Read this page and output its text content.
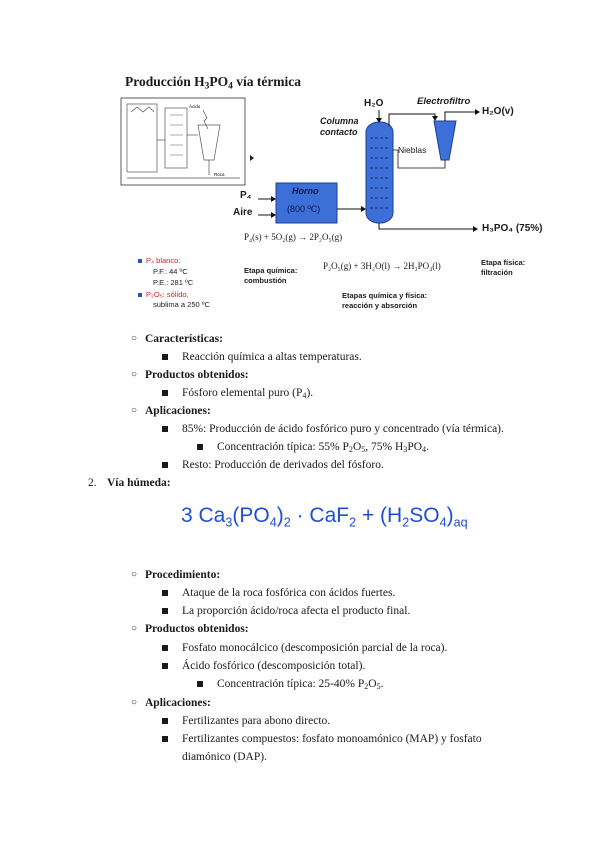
Producción $H_3PO_4$ vía térmica
Ácido
Roca
H₂O	Electrofiltro
H₂O(v)
Columna
contacto
Nieblas
P₄
Aire
Horno
(800 ºC)
H₃PO₄ (75%)
P₄(s) + 5O₂(g) → 2P₂O₅(g)
P₂O₅(g) + 3H₂O(l) → 2H₃PO₄(l)
P₄ blanco:
P.F.: 44 ºC
P.E.: 281 ºC
P₂O₅: sólido,
sublima a 250 ºC
Etapa química:
combustión
Etapas química y física:
reacción y absorción
Etapa física:
filtración
○ Características:
Reacción química a altas temperaturas.
○ Productos obtenidos:
Fósforo elemental puro $(P_4)$.
○ Aplicaciones:
85%: Producción de ácido fosfórico puro y concentrado (vía térmica).
Concentración típica: 55% $P_2O_5$, 75% $H_3PO_4$.
Resto: Producción de derivados del fósforo.
2. Vía húmeda:
3 $Ca_3(PO_4)_2 \cdot CaF_2 + (H_2SO_4)_{aq}$
○ Procedimiento:
Ataque de la roca fosfórica con ácidos fuertes.
La proporción ácido/roca afecta el producto final.
○ Productos obtenidos:
Fosfato monocálcico (descomposición parcial de la roca).
Ácido fosfórico (descomposición total).
Concentración típica: 25-40% $P_2O_5$.
○ Aplicaciones:
Fertilizantes para abono directo.
Fertilizantes compuestos: fosfato monoamónico (MAP) y fosfato
diamónico (DAP).
